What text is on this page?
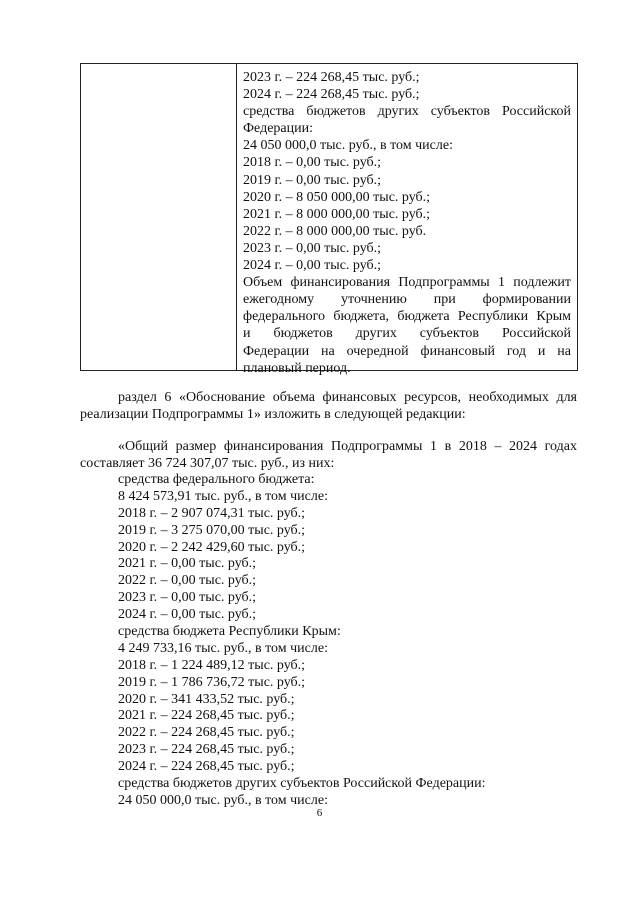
2023 г. – 224 268,45 тыс. руб.;
2024 г. – 224 268,45 тыс. руб.;
средства бюджетов других субъектов Российской
Федерации:
24 050 000,0 тыс. руб., в том числе:
2018 г. – 0,00 тыс. руб.;
2019 г. – 0,00 тыс. руб.;
2020 г. – 8 050 000,00 тыс. руб.;
2021 г. – 8 000 000,00 тыс. руб.;
2022 г. – 8 000 000,00 тыс. руб.
2023 г. – 0,00 тыс. руб.;
2024 г. – 0,00 тыс. руб.;
Объем финансирования Подпрограммы 1 подлежит
ежегодному уточнению при формировании
федерального бюджета, бюджета Республики Крым
и бюджетов других субъектов Российской
Федерации на очередной финансовый год и на
плановый период.
раздел 6 «Обоснование объема финансовых ресурсов, необходимых для
реализации Подпрограммы 1» изложить в следующей редакции:
«Общий размер финансирования Подпрограммы 1 в 2018 – 2024 годах
составляет 36 724 307,07 тыс. руб., из них:
средства федерального бюджета:
8 424 573,91 тыс. руб., в том числе:
2018 г. – 2 907 074,31 тыс. руб.;
2019 г. – 3 275 070,00 тыс. руб.;
2020 г. – 2 242 429,60 тыс. руб.;
2021 г. – 0,00 тыс. руб.;
2022 г. – 0,00 тыс. руб.;
2023 г. – 0,00 тыс. руб.;
2024 г. – 0,00 тыс. руб.;
средства бюджета Республики Крым:
4 249 733,16 тыс. руб., в том числе:
2018 г. – 1 224 489,12 тыс. руб.;
2019 г. – 1 786 736,72 тыс. руб.;
2020 г. – 341 433,52 тыс. руб.;
2021 г. – 224 268,45 тыс. руб.;
2022 г. – 224 268,45 тыс. руб.;
2023 г. – 224 268,45 тыс. руб.;
2024 г. – 224 268,45 тыс. руб.;
средства бюджетов других субъектов Российской Федерации:
24 050 000,0 тыс. руб., в том числе:
6
